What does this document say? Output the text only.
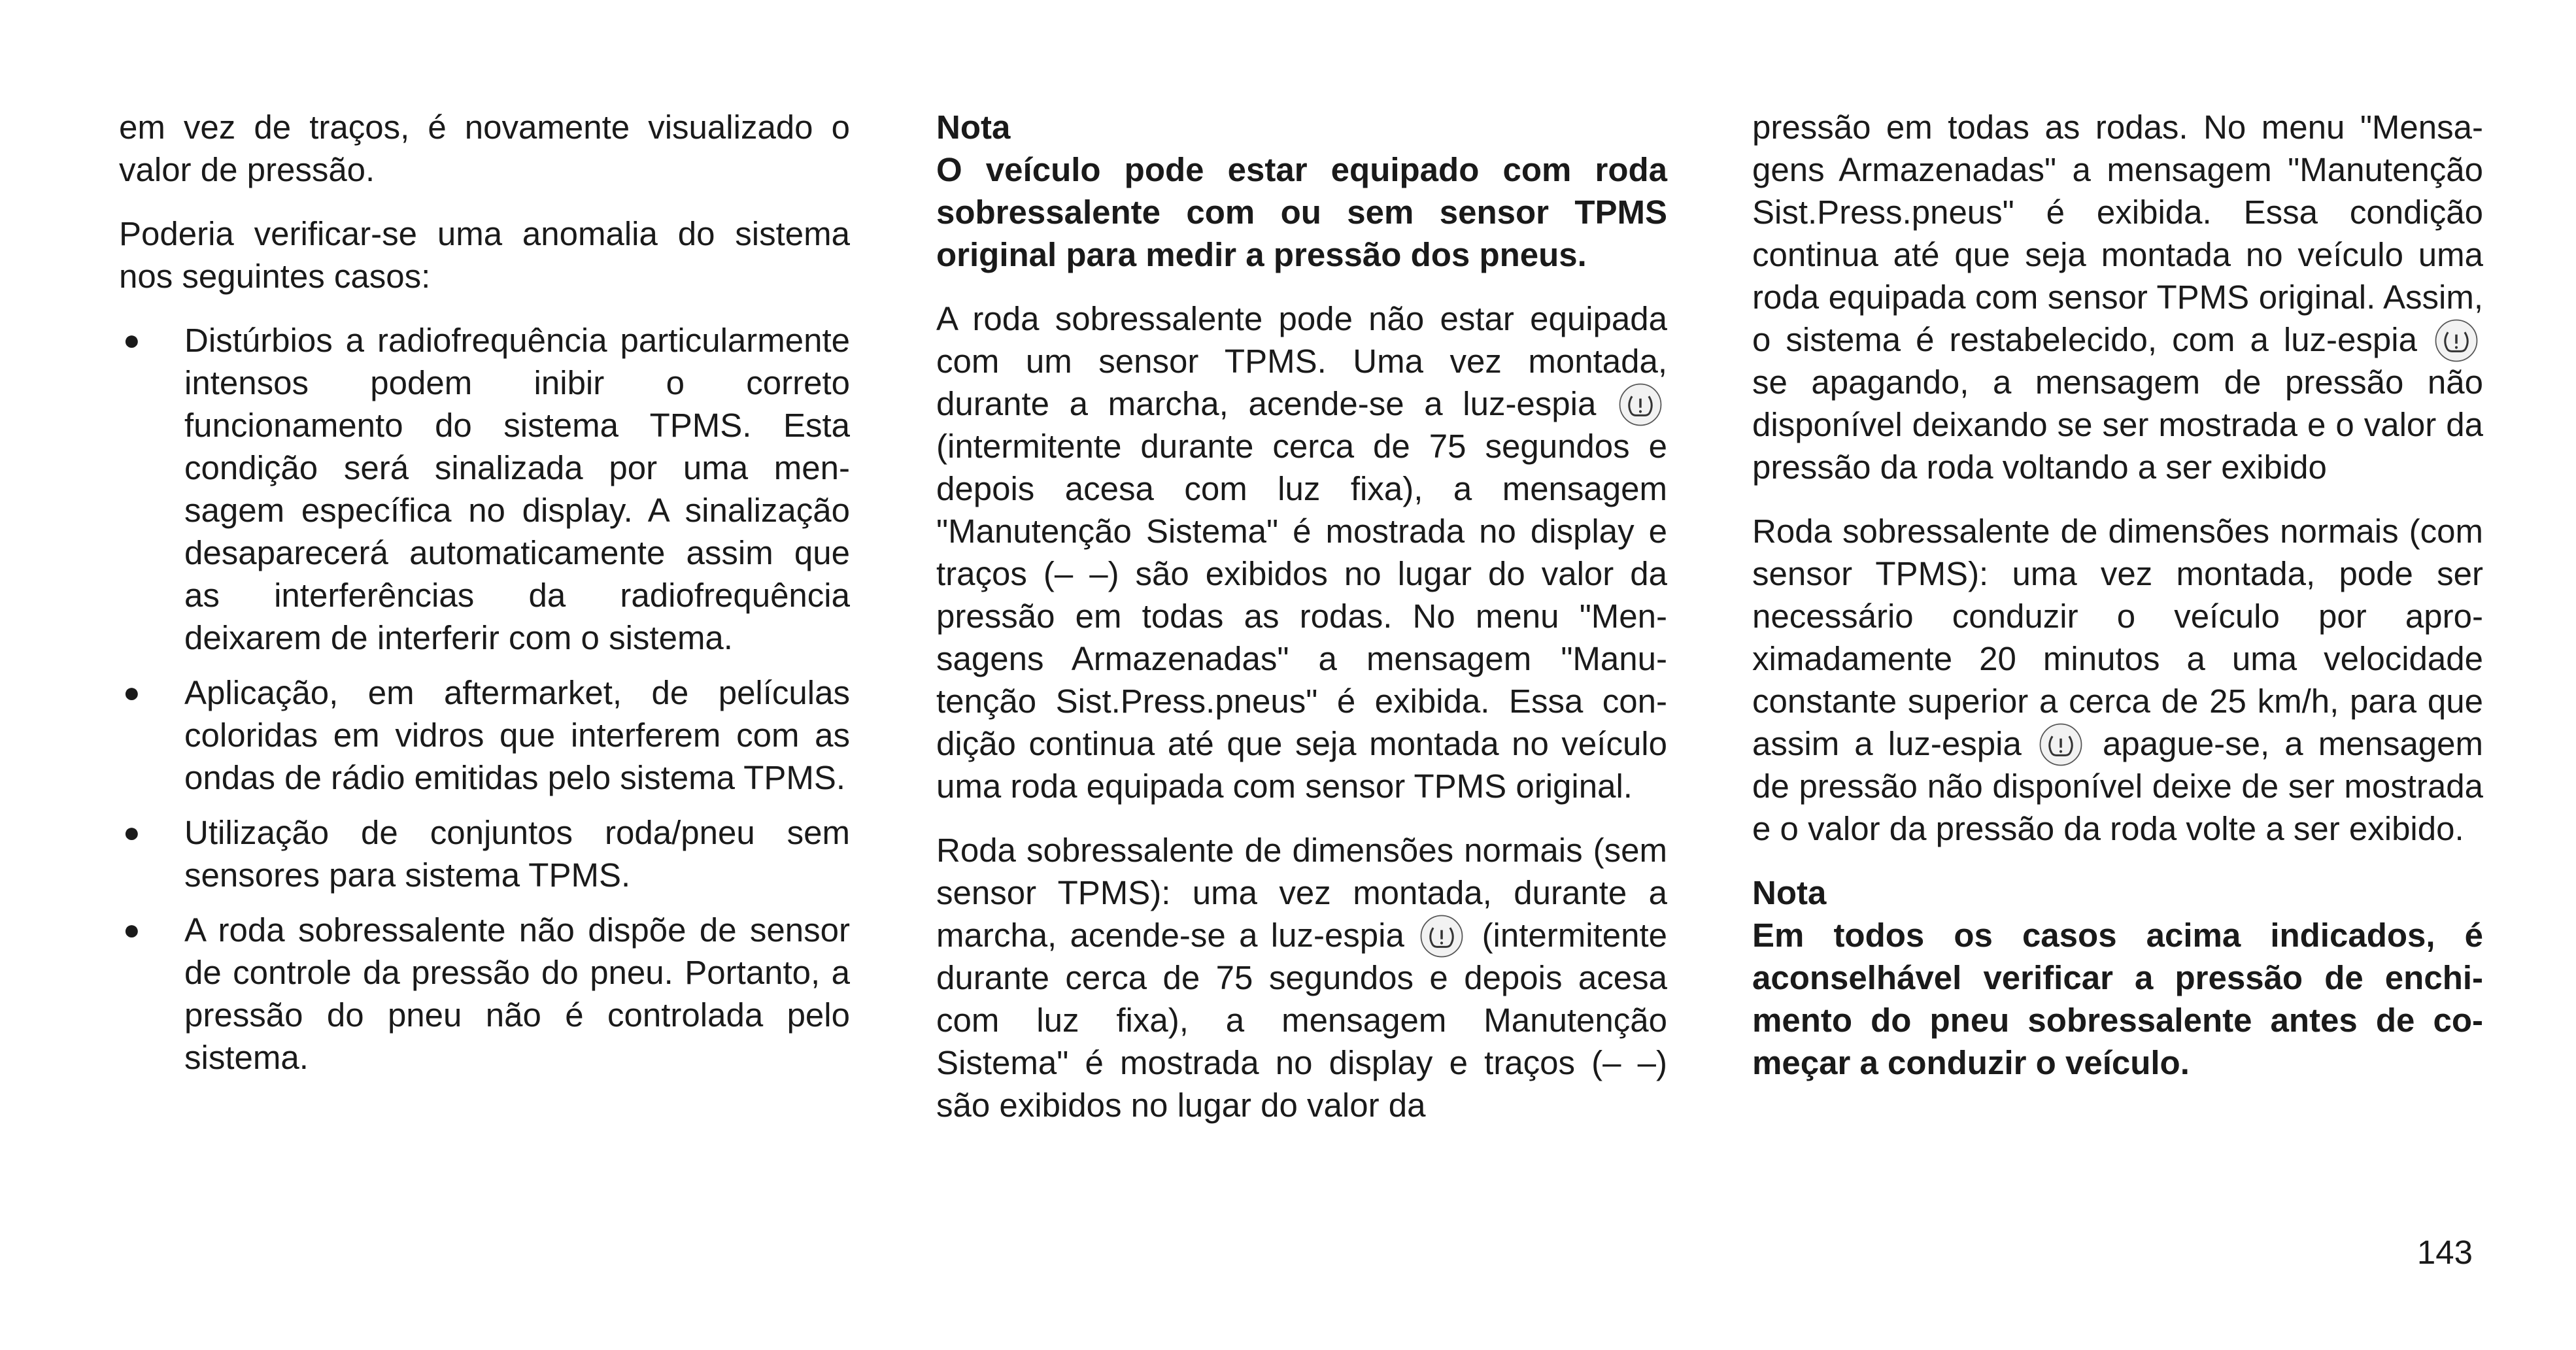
em vez de traços, é novamente visualizado o valor de pressão.

Poderia verificar-se uma anomalia do sistema nos seguintes casos:

● Distúrbios a radiofrequência particularmente intensos podem inibir o correto funcionamento do sistema TPMS. Esta condição será sinalizada por uma mensagem específica no display. A sinalização desaparecerá automaticamente assim que as interferências da radiofrequência deixarem de interferir com o sistema.
● Aplicação, em aftermarket, de películas coloridas em vidros que interferem com as ondas de rádio emitidas pelo sistema TPMS.
● Utilização de conjuntos roda/pneu sem sensores para sistema TPMS.
● A roda sobressalente não dispõe de sensor de controle da pressão do pneu. Portanto, a pressão do pneu não é controlada pelo sistema.

Nota

O veículo pode estar equipado com roda sobressalente com ou sem sensor TPMS original para medir a pressão dos pneus.

A roda sobressalente pode não estar equipada com um sensor TPMS. Uma vez montada, durante a marcha, acende-se a luz-espia  (intermitente durante cerca de 75 segundos e depois acesa com luz fixa), a mensagem "Manutenção Sistema" é mostrada no display e traços (– –) são exibidos no lugar do valor da pressão em todas as rodas. No menu "Mensagens Armazenadas" a mensagem "Manutenção Sist.Press.pneus" é exibida. Essa condição continua até que seja montada no veículo uma roda equipada com sensor TPMS original.

Roda sobressalente de dimensões normais (sem sensor TPMS): uma vez montada, durante a marcha, acende-se a luz-espia (intermitente durante cerca de 75 segundos e depois acesa com luz fixa), a mensagem Manutenção Sistema" é mostrada no display e traços (– –) são exibidos no lugar do valor da

pressão em todas as rodas. No menu "Mensagens Armazenadas" a mensagem "Manutenção Sist.Press.pneus" é exibida. Essa condição continua até que seja montada no veículo uma roda equipada com sensor TPMS original. Assim, o sistema é restabelecido, com a luz-espia  se apagando, a mensagem de pressão não disponível deixando se ser mostrada e o valor da pressão da roda voltando a ser exibido

Roda sobressalente de dimensões normais (com sensor TPMS): uma vez montada, pode ser necessário conduzir o veículo por aproximadamente 20 minutos a uma velocidade constante superior a cerca de 25 km/h, para que assim a luz-espia apague-se, a mensagem de pressão não disponível deixe de ser mostrada e o valor da pressão da roda volte a ser exibido.

Nota

Em todos os casos acima indicados, é aconselhável verificar a pressão de enchimento do pneu sobressalente antes de começar a conduzir o veículo.

143
